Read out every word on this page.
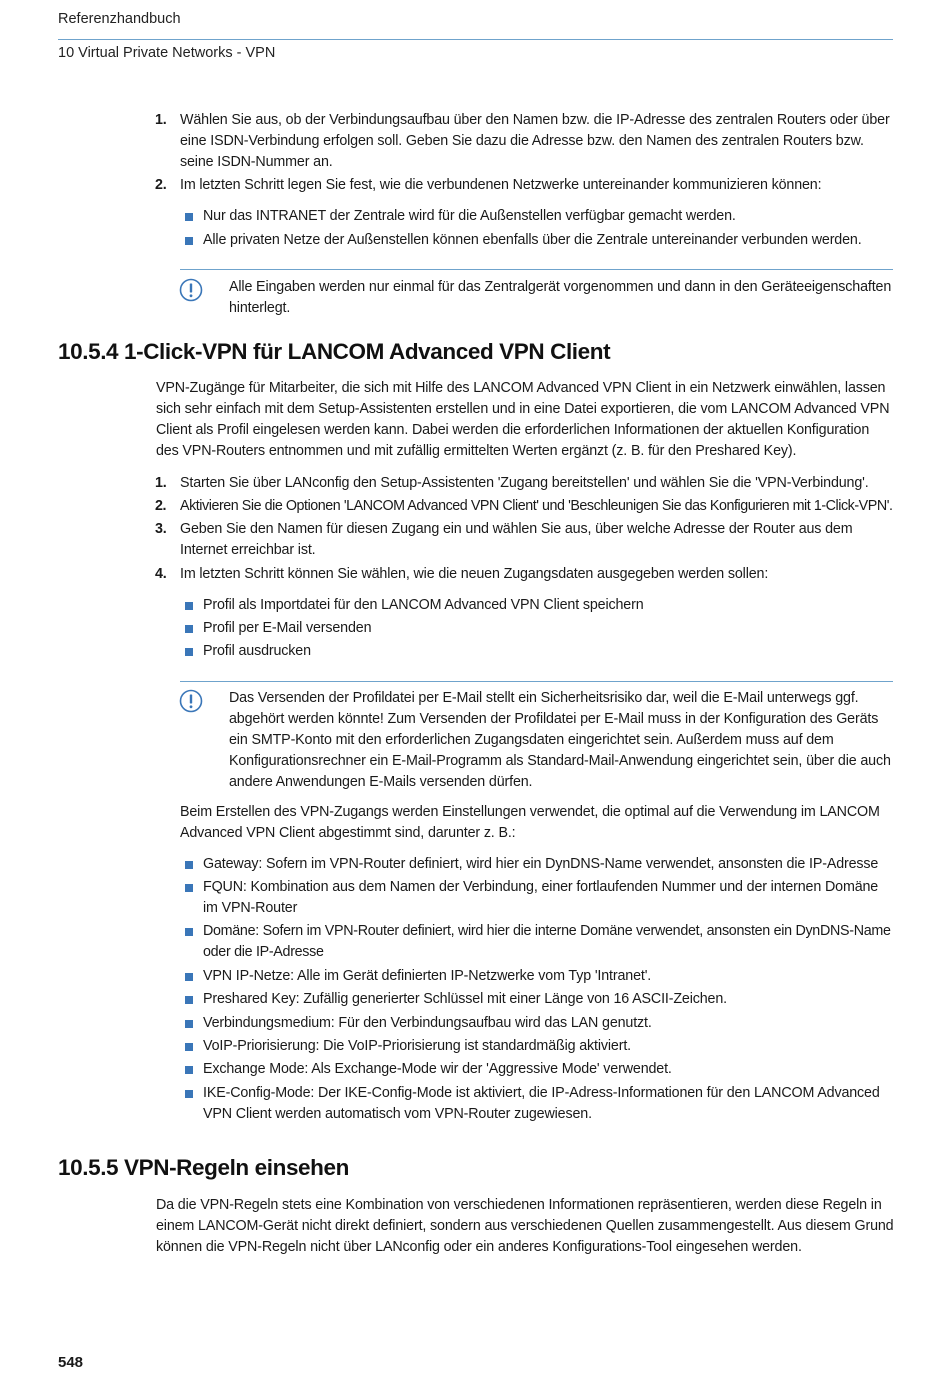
Referenzhandbuch
10 Virtual Private Networks - VPN
1. Wählen Sie aus, ob der Verbindungsaufbau über den Namen bzw. die IP-Adresse des zentralen Routers oder über eine ISDN-Verbindung erfolgen soll. Geben Sie dazu die Adresse bzw. den Namen des zentralen Routers bzw. seine ISDN-Nummer an.
2. Im letzten Schritt legen Sie fest, wie die verbundenen Netzwerke untereinander kommunizieren können:
Nur das INTRANET der Zentrale wird für die Außenstellen verfügbar gemacht werden.
Alle privaten Netze der Außenstellen können ebenfalls über die Zentrale untereinander verbunden werden.
Alle Eingaben werden nur einmal für das Zentralgerät vorgenommen und dann in den Geräteeigenschaften hinterlegt.
10.5.4 1-Click-VPN für LANCOM Advanced VPN Client
VPN-Zugänge für Mitarbeiter, die sich mit Hilfe des LANCOM Advanced VPN Client in ein Netzwerk einwählen, lassen sich sehr einfach mit dem Setup-Assistenten erstellen und in eine Datei exportieren, die vom LANCOM Advanced VPN Client als Profil eingelesen werden kann. Dabei werden die erforderlichen Informationen der aktuellen Konfiguration des VPN-Routers entnommen und mit zufällig ermittelten Werten ergänzt (z. B. für den Preshared Key).
1. Starten Sie über LANconfig den Setup-Assistenten 'Zugang bereitstellen' und wählen Sie die 'VPN-Verbindung'.
2. Aktivieren Sie die Optionen 'LANCOM Advanced VPN Client' und 'Beschleunigen Sie das Konfigurieren mit 1-Click-VPN'.
3. Geben Sie den Namen für diesen Zugang ein und wählen Sie aus, über welche Adresse der Router aus dem Internet erreichbar ist.
4. Im letzten Schritt können Sie wählen, wie die neuen Zugangsdaten ausgegeben werden sollen:
Profil als Importdatei für den LANCOM Advanced VPN Client speichern
Profil per E-Mail versenden
Profil ausdrucken
Das Versenden der Profildatei per E-Mail stellt ein Sicherheitsrisiko dar, weil die E-Mail unterwegs ggf. abgehört werden könnte! Zum Versenden der Profildatei per E-Mail muss in der Konfiguration des Geräts ein SMTP-Konto mit den erforderlichen Zugangsdaten eingerichtet sein. Außerdem muss auf dem Konfigurationsrechner ein E-Mail-Programm als Standard-Mail-Anwendung eingerichtet sein, über die auch andere Anwendungen E-Mails versenden dürfen.
Beim Erstellen des VPN-Zugangs werden Einstellungen verwendet, die optimal auf die Verwendung im LANCOM Advanced VPN Client abgestimmt sind, darunter z. B.:
Gateway: Sofern im VPN-Router definiert, wird hier ein DynDNS-Name verwendet, ansonsten die IP-Adresse
FQUN: Kombination aus dem Namen der Verbindung, einer fortlaufenden Nummer und der internen Domäne im VPN-Router
Domäne: Sofern im VPN-Router definiert, wird hier die interne Domäne verwendet, ansonsten ein DynDNS-Name oder die IP-Adresse
VPN IP-Netze: Alle im Gerät definierten IP-Netzwerke vom Typ 'Intranet'.
Preshared Key: Zufällig generierter Schlüssel mit einer Länge von 16 ASCII-Zeichen.
Verbindungsmedium: Für den Verbindungsaufbau wird das LAN genutzt.
VoIP-Priorisierung: Die VoIP-Priorisierung ist standardmäßig aktiviert.
Exchange Mode: Als Exchange-Mode wir der 'Aggressive Mode' verwendet.
IKE-Config-Mode: Der IKE-Config-Mode ist aktiviert, die IP-Adress-Informationen für den LANCOM Advanced VPN Client werden automatisch vom VPN-Router zugewiesen.
10.5.5 VPN-Regeln einsehen
Da die VPN-Regeln stets eine Kombination von verschiedenen Informationen repräsentieren, werden diese Regeln in einem LANCOM-Gerät nicht direkt definiert, sondern aus verschiedenen Quellen zusammengestellt. Aus diesem Grund können die VPN-Regeln nicht über LANconfig oder ein anderes Konfigurations-Tool eingesehen werden.
548
